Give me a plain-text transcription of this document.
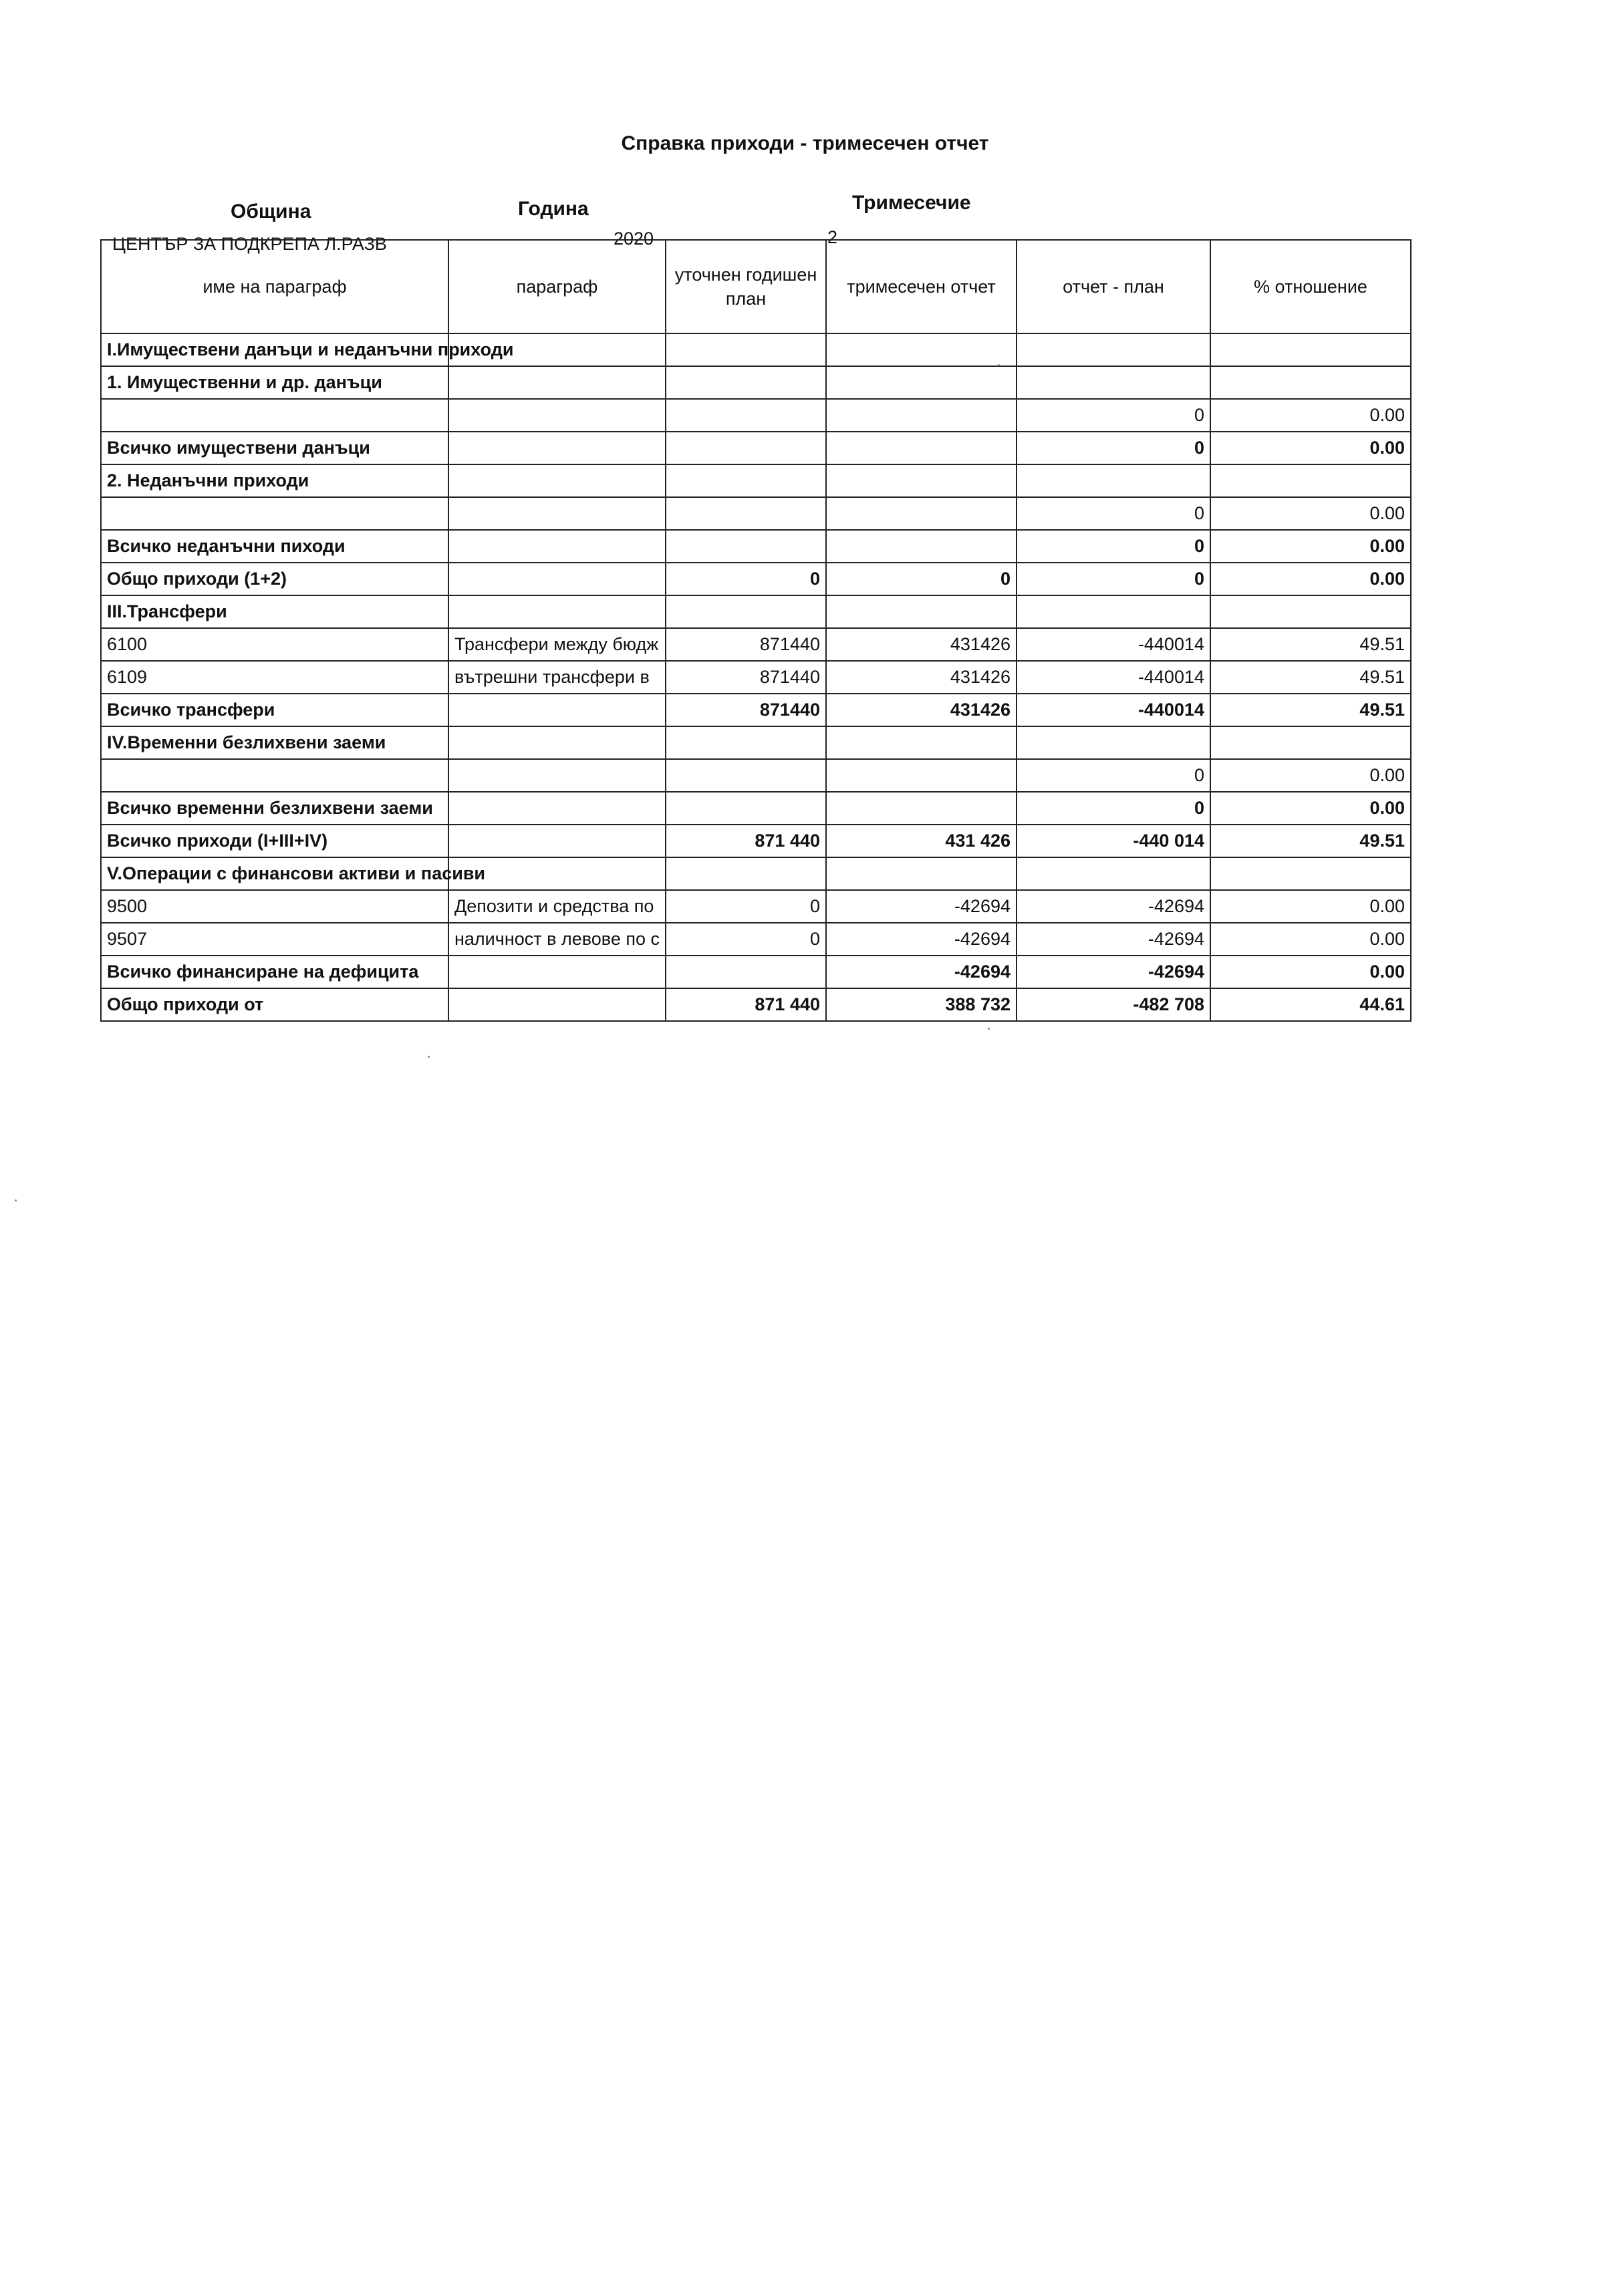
Справка приходи - тримесечен отчет
Община	Година	Тримесечие
ЦЕНТЪР ЗА ПОДКРЕПА Л.РАЗВ	2020	2
име на параграф	параграф	уточнен годишен план	тримесечен отчет	отчет - план	% отношение
I.Имуществени данъци и неданъчни приходи					
1. Имущественни и др. данъци					
				0	0.00
Всичко имуществени данъци				0	0.00
2. Неданъчни приходи					
				0	0.00
Всичко неданъчни пиходи				0	0.00
Общо приходи (1+2)		0	0	0	0.00
III.Трансфери					
6100	Трансфери между бюдж	871440	431426	-440014	49.51
6109	вътрешни трансфери в	871440	431426	-440014	49.51
Всичко трансфери		871440	431426	-440014	49.51
IV.Временни безлихвени заеми					
				0	0.00
Всичко временни безлихвени заеми				0	0.00
Всичко приходи (I+III+IV)		871 440	431 426	-440 014	49.51
V.Операции с финансови активи и пасиви					
9500	Депозити и средства по	0	-42694	-42694	0.00
9507	наличност в левове по с	0	-42694	-42694	0.00
Всичко финансиране на дефицита			-42694	-42694	0.00
Общо приходи от		871 440	388 732	-482 708	44.61
